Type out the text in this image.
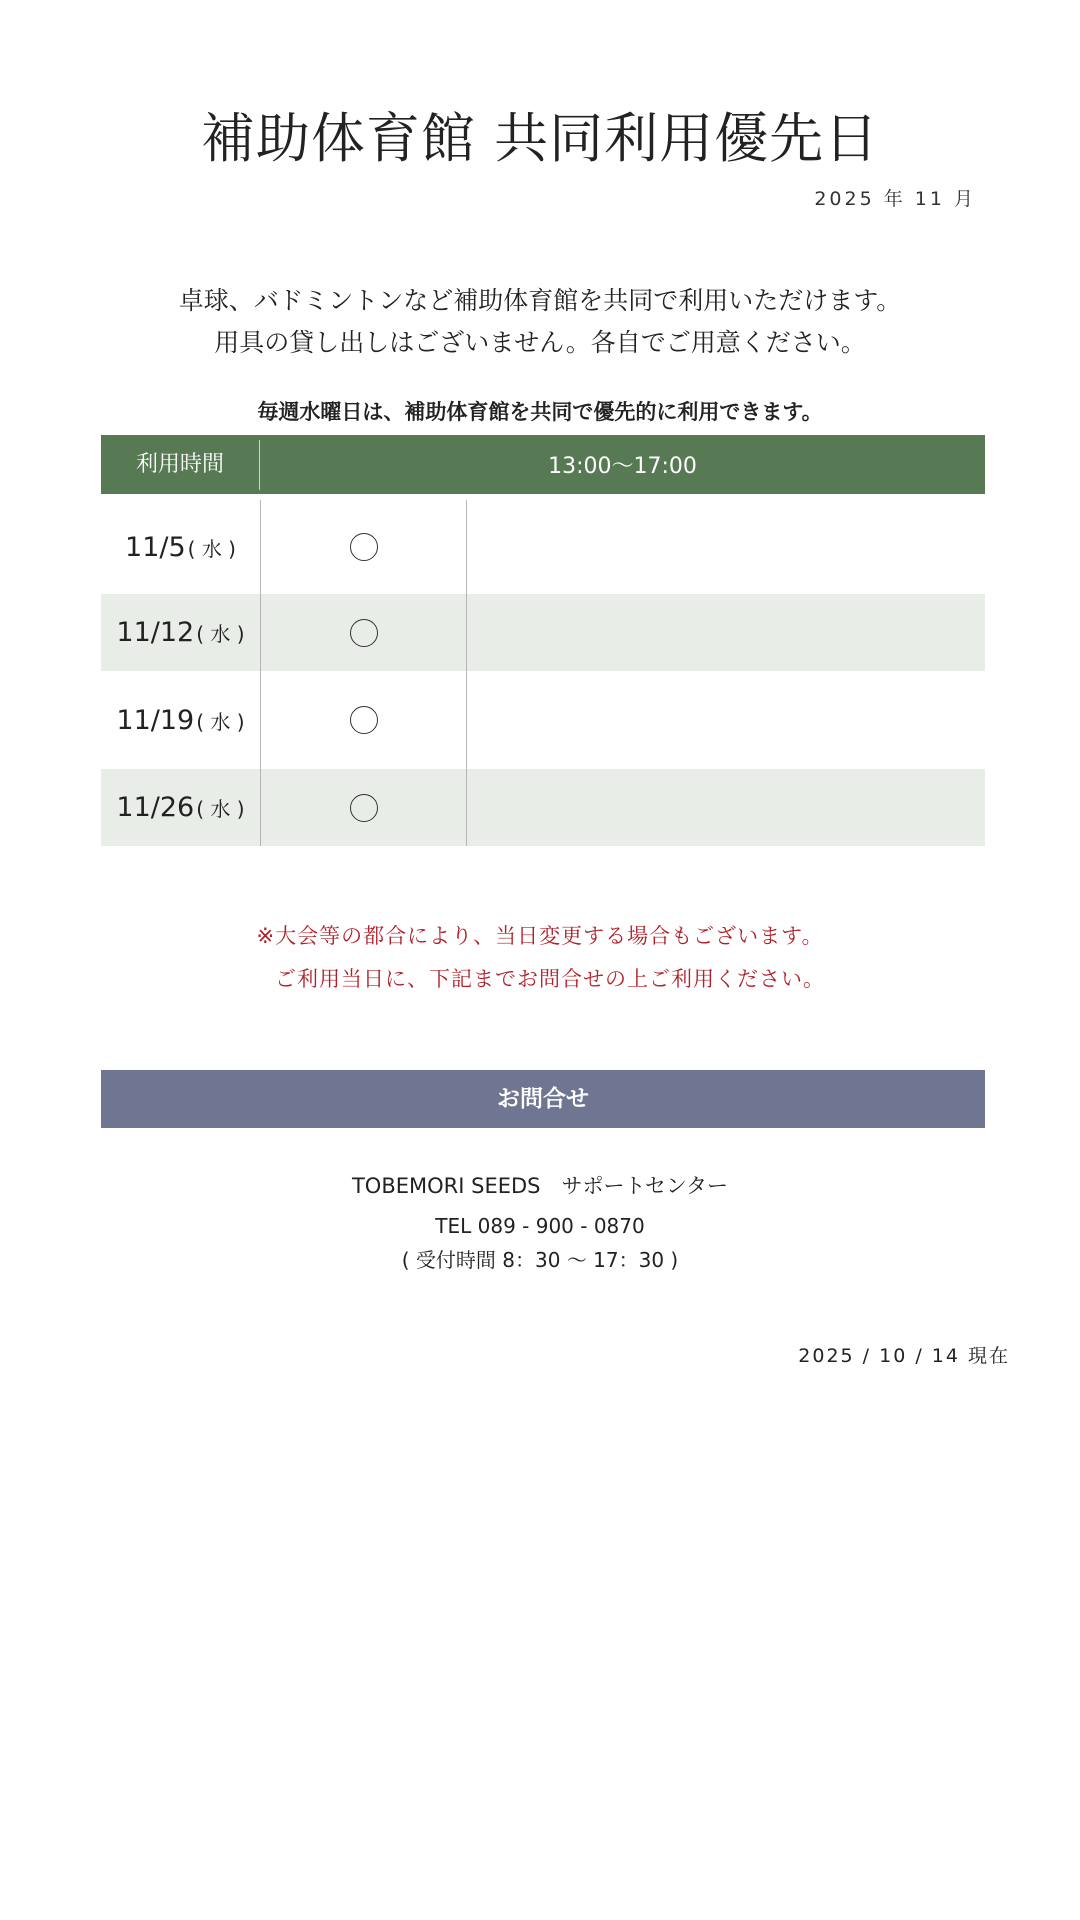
補助体育館 共同利用優先日
2025 年 11 月
卓球、バドミントンなど補助体育館を共同で利用いただけます。
用具の貸し出しはございません。各自でご用意ください。
毎週水曜日は、補助体育館を共同で優先的に利用できます。
利用時間	13:00〜17:00
11/5 ( 水 )
11/12 ( 水 )
11/19 ( 水 )
11/26 ( 水 )
※大会等の都合により、当日変更する場合もございます。
ご利用当日に、下記までお問合せの上ご利用ください。
お問合せ
TOBEMORI SEEDS　サポートセンター
TEL 089 - 900 - 0870
( 受付時間 8：30 〜 17：30 )
2025 / 10 / 14 現在
